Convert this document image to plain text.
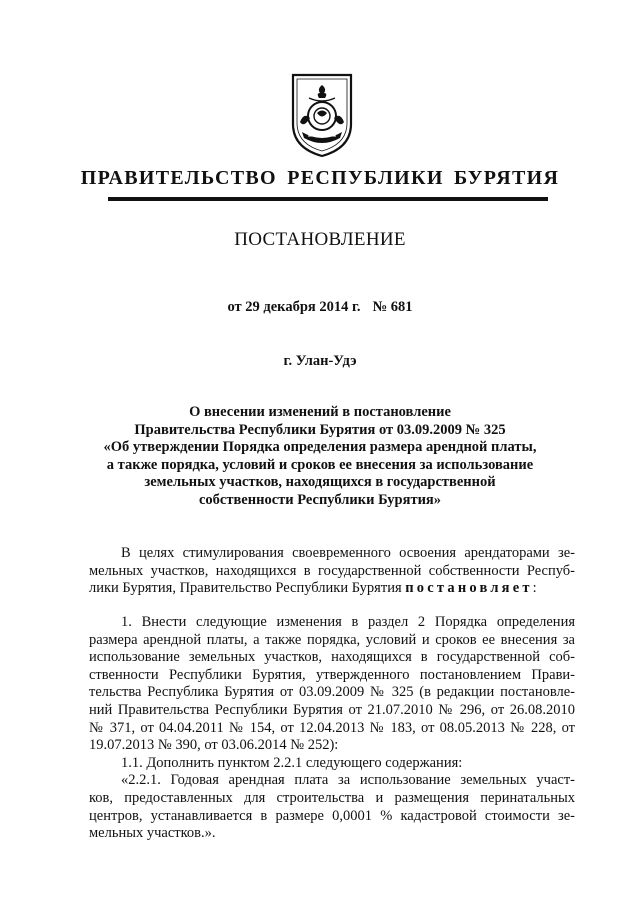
ПРАВИТЕЛЬСТВО РЕСПУБЛИКИ БУРЯТИЯ
ПОСТАНОВЛЕНИЕ
от 29 декабря 2014 г. № 681
г. Улан-Удэ
О внесении изменений в постановление
Правительства Республики Бурятия от 03.09.2009 № 325
«Об утверждении Порядка определения размера арендной платы,
а также порядка, условий и сроков ее внесения за использование
земельных участков, находящихся в государственной
собственности Республики Бурятия»
В целях стимулирования своевременного освоения арендаторами зе-
мельных участков, находящихся в государственной собственности Респуб-
лики Бурятия, Правительство Республики Бурятия постановляет:
1. Внести следующие изменения в раздел 2 Порядка определения
размера арендной платы, а также порядка, условий и сроков ее внесения за
использование земельных участков, находящихся в государственной соб-
ственности Республики Бурятия, утвержденного постановлением Прави-
тельства Республика Бурятия от 03.09.2009 № 325 (в редакции постановле-
ний Правительства Республики Бурятия от 21.07.2010 № 296, от 26.08.2010
№ 371, от 04.04.2011 № 154, от 12.04.2013 № 183, от 08.05.2013 № 228, от
19.07.2013 № 390, от 03.06.2014 № 252):
1.1. Дополнить пунктом 2.2.1 следующего содержания:
«2.2.1. Годовая арендная плата за использование земельных участ-
ков, предоставленных для строительства и размещения перинатальных
центров, устанавливается в размере 0,0001 % кадастровой стоимости зе-
мельных участков.».
